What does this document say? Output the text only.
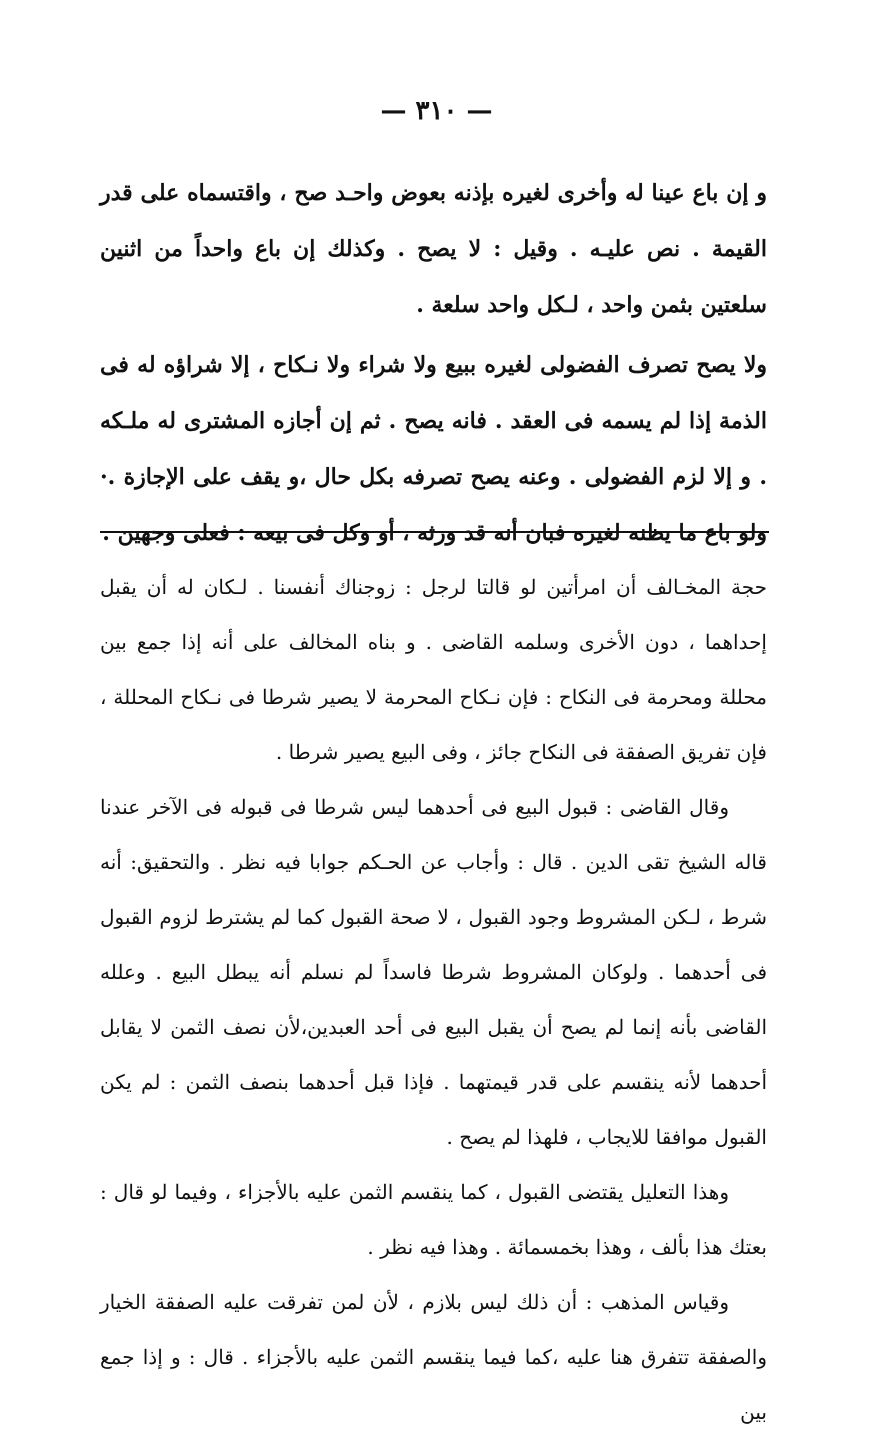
— ٣١٠ —

و إن باع عينا له وأخرى لغيره بإذنه بعوض واحـد صح ، واقتسماه على قدر القيمة . نص عليـه . وقيل : لا يصح . وكذلك إن باع واحداً من اثنين سلعتين بثمن واحد ، لـكل واحد سلعة .

ولا يصح تصرف الفضولى لغيره ببيع ولا شراء ولا نـكاح ، إلا شراؤه له فى الذمة إذا لم يسمه فى العقد . فانه يصح . ثم إن أجازه المشترى له ملـكه . و إلا لزم الفضولى . وعنه يصح تصرفه بكل حال ،و يقف على الإجازة .· ولو باع ما يظنه لغيره فبان أنه قد ورثه ، أو وكل فى بيعه : فعلى وجهين .

حجة المخـالف أن امرأتين لو قالتا لرجل : زوجناك أنفسنا . لـكان له أن يقبل إحداهما ، دون الأخرى وسلمه القاضى . و بناه المخالف على أنه إذا جمع بين محللة ومحرمة فى النكاح : فإن نـكاح المحرمة لا يصير شرطا فى نـكاح المحللة ، فإن تفريق الصفقة فى النكاح جائز ، وفى البيع يصير شرطا .

وقال القاضى : قبول البيع فى أحدهما ليس شرطا فى قبوله فى الآخر عندنا قاله الشيخ تقى الدين . قال : وأجاب عن الحـكم جوابا فيه نظر . والتحقيق: أنه شرط ، لـكن المشروط وجود القبول ، لا صحة القبول كما لم يشترط لزوم القبول فى أحدهما . ولوكان المشروط شرطا فاسداً لم نسلم أنه يبطل البيع . وعلله القاضى بأنه إنما لم يصح أن يقبل البيع فى أحد العبدين،لأن نصف الثمن لا يقابل أحدهما لأنه ينقسم على قدر قيمتهما . فإذا قبل أحدهما بنصف الثمن : لم يكن القبول موافقا للايجاب ، فلهذا لم يصح .

وهذا التعليل يقتضى القبول ، كما ينقسم الثمن عليه بالأجزاء ، وفيما لو قال : بعتك هذا بألف ، وهذا بخمسمائة . وهذا فيه نظر .

وقياس المذهب : أن ذلك ليس بلازم ، لأن لمن تفرقت عليه الصفقة الخيار والصفقة تتفرق هنا عليه ،كما فيما ينقسم الثمن عليه بالأجزاء . قال : و إذا جمع بين
